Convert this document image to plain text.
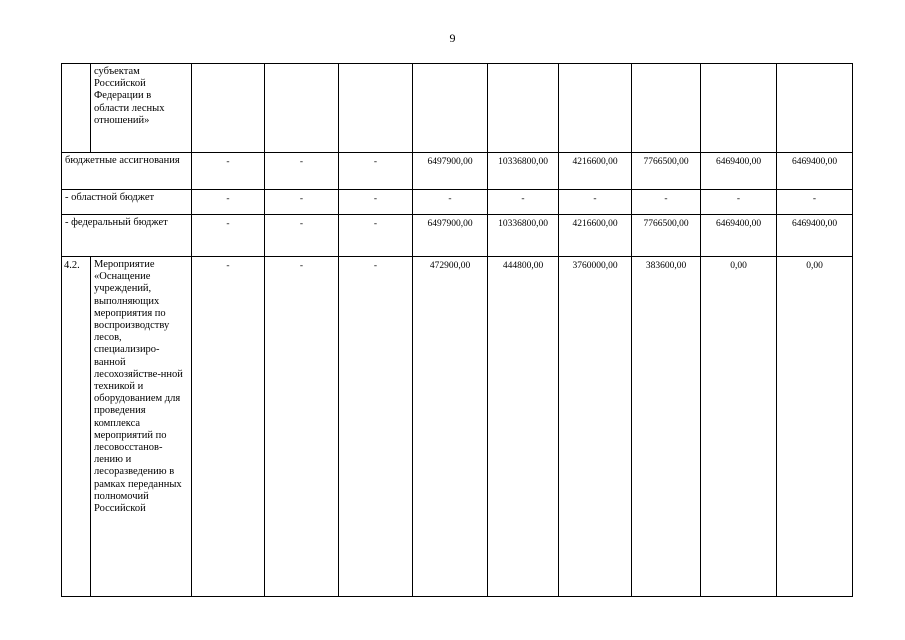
9
	субъектам Российской Федерации в области лесных отношений»									
бюджетные ассигнования		-	-	-	6497900,00	10336800,00	4216600,00	7766500,00	6469400,00	6469400,00
- областной бюджет		-	-	-	-	-	-	-	-	-
- федеральный бюджет		-	-	-	6497900,00	10336800,00	4216600,00	7766500,00	6469400,00	6469400,00
4.2.	Мероприятие «Оснащение учреждений, выполняющих мероприятия по воспроизводству лесов, специализиро-ванной лесохозяйстве-нной техникой и оборудованием для проведения комплекса мероприятий по лесовосстанов-лению и лесоразведению в рамках переданных полномочий Российской	-	-	-	472900,00	444800,00	3760000,00	383600,00	0,00	0,00
